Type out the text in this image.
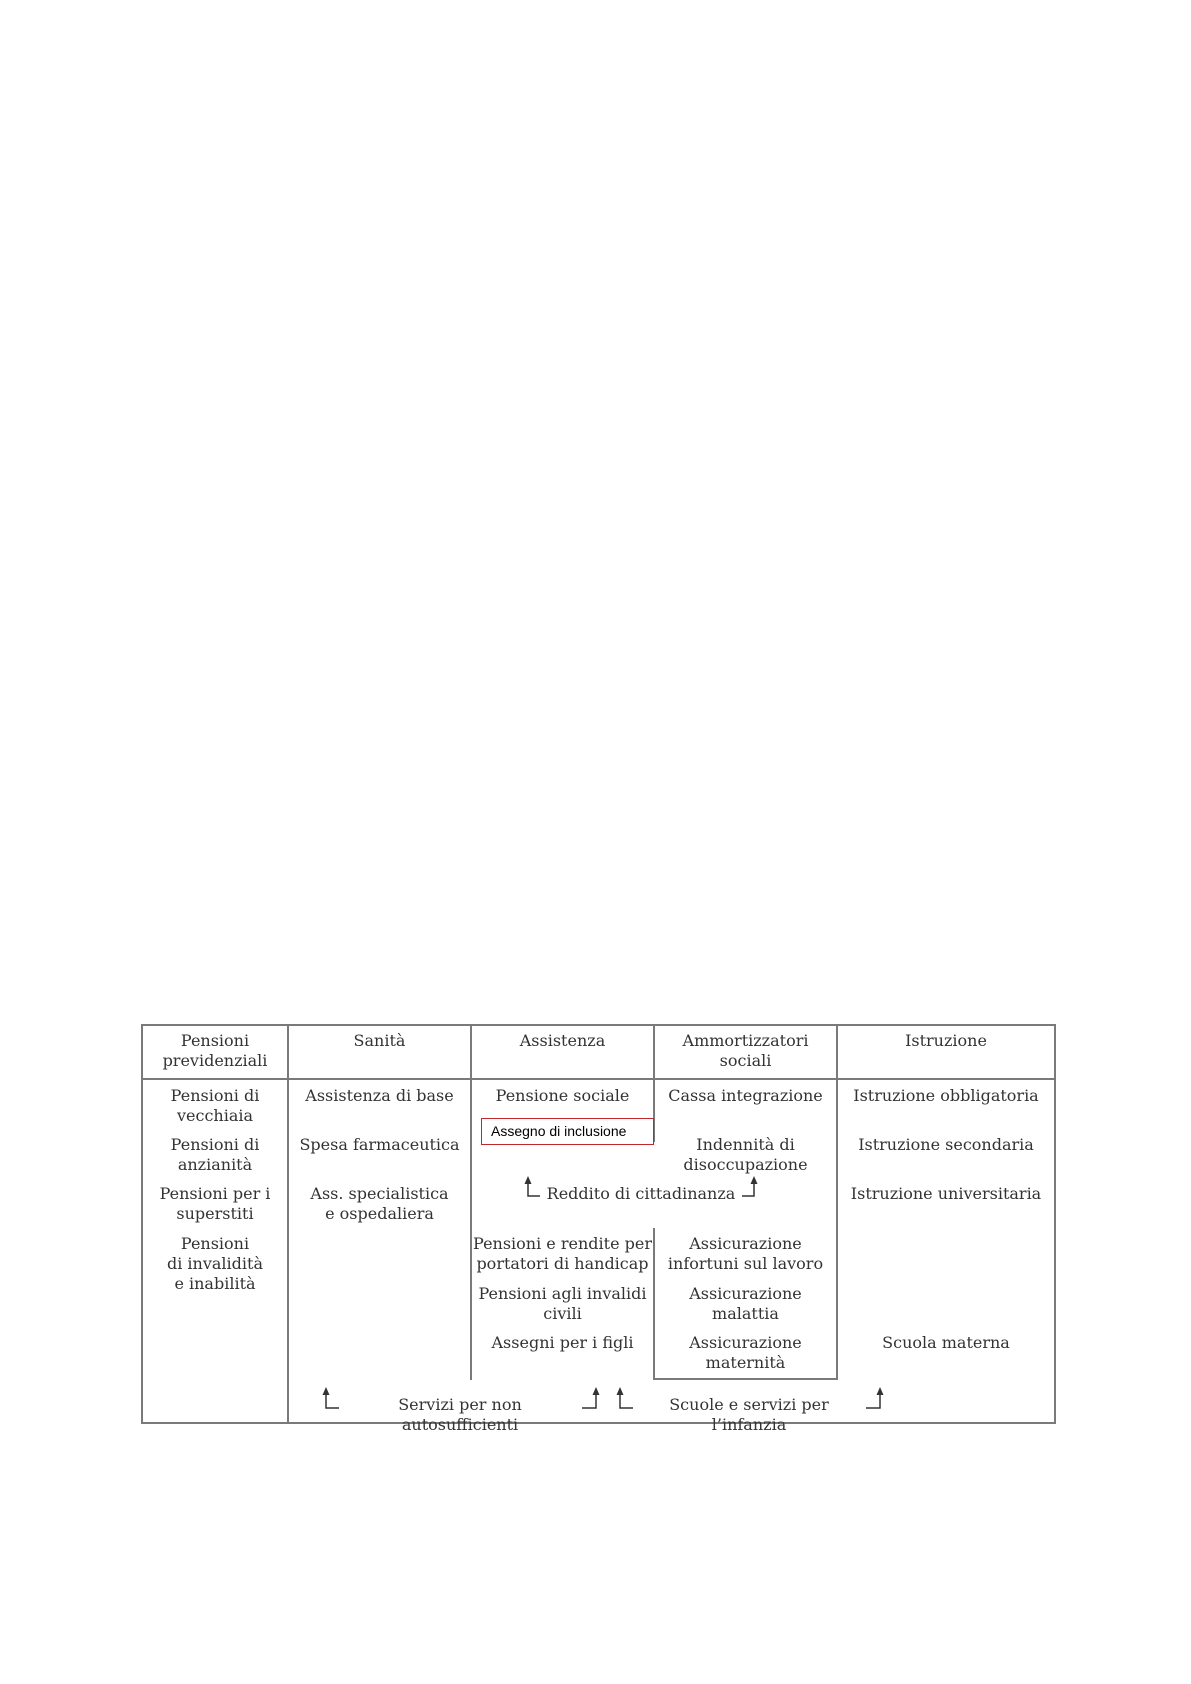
Pensioni
previdenziali
Sanità	Assistenza	Ammortizzatori
sociali
Istruzione
Pensioni di
vecchiaia
Pensioni di
anzianità
Pensioni per i
superstiti
Pensioni
di invalidità
e inabilità
Assistenza di base
Spesa farmaceutica
Ass. specialistica
e ospedaliera
Pensione sociale
Pensioni e rendite per
portatori di handicap
Pensioni agli invalidi
civili
Assegni per i figli
Cassa integrazione
Indennità di
disoccupazione
Assicurazione
infortuni sul lavoro
Assicurazione
malattia
Assicurazione
maternità
Istruzione obbligatoria
Istruzione secondaria
Istruzione universitaria
Scuola materna
Reddito di cittadinanza
Servizi per non autosufficienti
Scuole e servizi per l’infanzia
Assegno di inclusione
